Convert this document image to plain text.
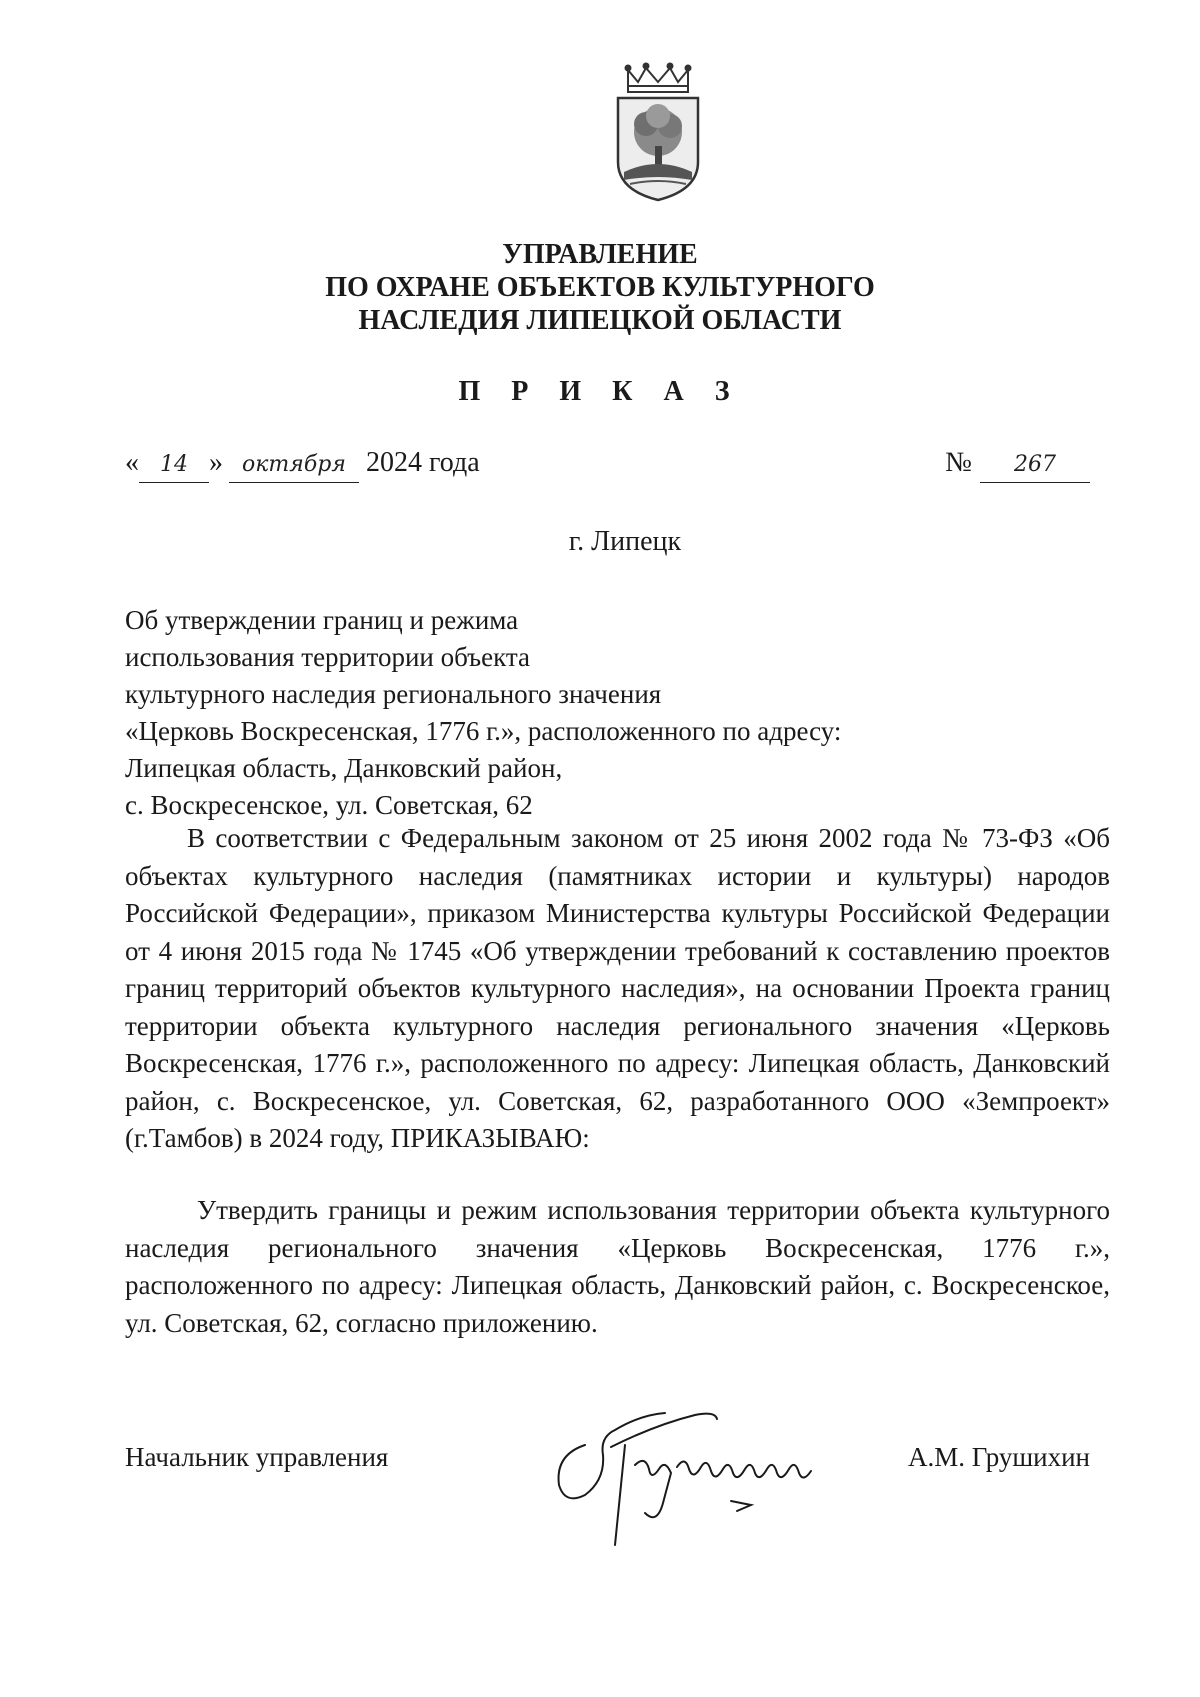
УПРАВЛЕНИЕ
ПО ОХРАНЕ ОБЪЕКТОВ КУЛЬТУРНОГО
НАСЛЕДИЯ ЛИПЕЦКОЙ ОБЛАСТИ
П Р И К А З
« 14 » октября 2024 года	№ 267
г. Липецк
Об утверждении границ и режима
использования территории объекта
культурного наследия регионального значения
«Церковь Воскресенская, 1776 г.», расположенного по адресу:
Липецкая область, Данковский район,
с. Воскресенское, ул. Советская, 62
В соответствии с Федеральным законом от 25 июня 2002 года № 73-ФЗ «Об объектах культурного наследия (памятниках истории и культуры) народов Российской Федерации», приказом Министерства культуры Российской Федерации от 4 июня 2015 года № 1745 «Об утверждении требований к составлению проектов границ территорий объектов культурного наследия», на основании Проекта границ территории объекта культурного наследия регионального значения «Церковь Воскресенская, 1776 г.», расположенного по адресу: Липецкая область, Данковский район, с. Воскресенское, ул. Советская, 62, разработанного ООО «Земпроект» (г.Тамбов) в 2024 году, ПРИКАЗЫВАЮ:
Утвердить границы и режим использования территории объекта культурного наследия регионального значения «Церковь Воскресенская, 1776 г.», расположенного по адресу: Липецкая область, Данковский район, с. Воскресенское, ул. Советская, 62, согласно приложению.
Начальник управления	А.М. Грушихин
